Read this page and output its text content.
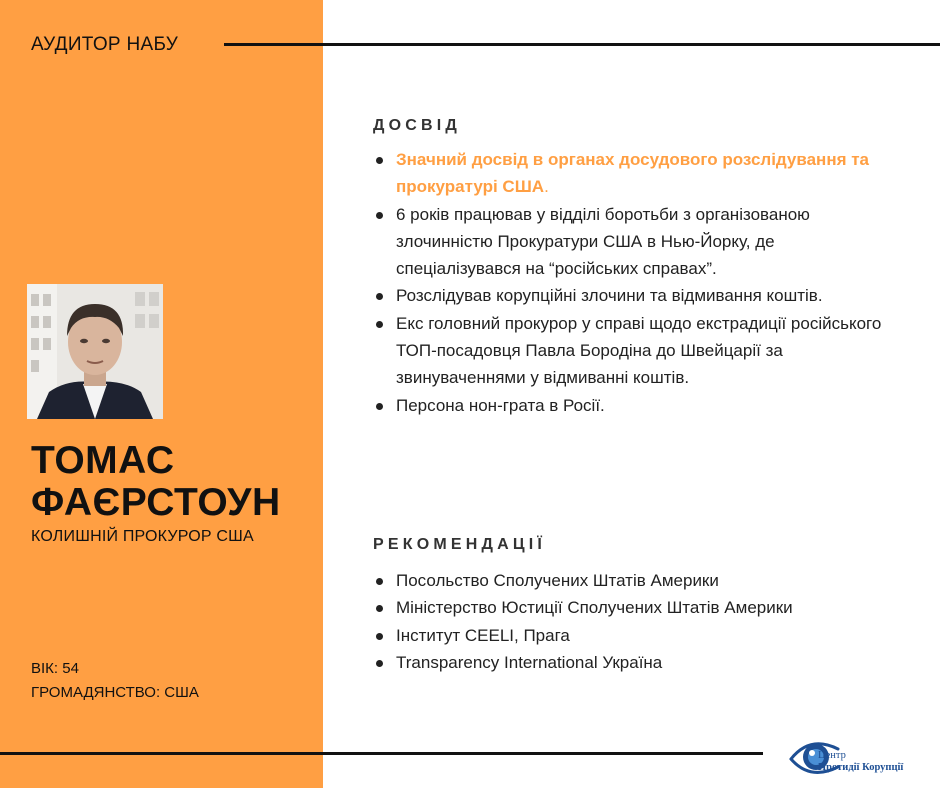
АУДИТОР НАБУ
ТОМАС
ФАЄРСТОУН
КОЛИШНІЙ ПРОКУРОР США
ВІК: 54
ГРОМАДЯНСТВО: США
ДОСВІД
Значний досвід в органах досудового розслідування та прокуратурі США.
6 років працював у відділі боротьби з організованою злочинністю Прокуратури США в Нью-Йорку, де спеціалізувався на “російських справах”.
Розслідував корупційні злочини та відмивання коштів.
Екс головний прокурор у справі щодо екстрадиції російського ТОП-посадовця Павла Бородіна до Швейцарії за звинуваченнями у відмиванні коштів.
Персона нон-грата в Росії.
РЕКОМЕНДАЦІЇ
Посольство Сполучених Штатів Америки
Міністерство Юстиції Сполучених Штатів Америки
Інститут CEELI, Прага
Transparency International Україна
Центр
Протидії Корупції
